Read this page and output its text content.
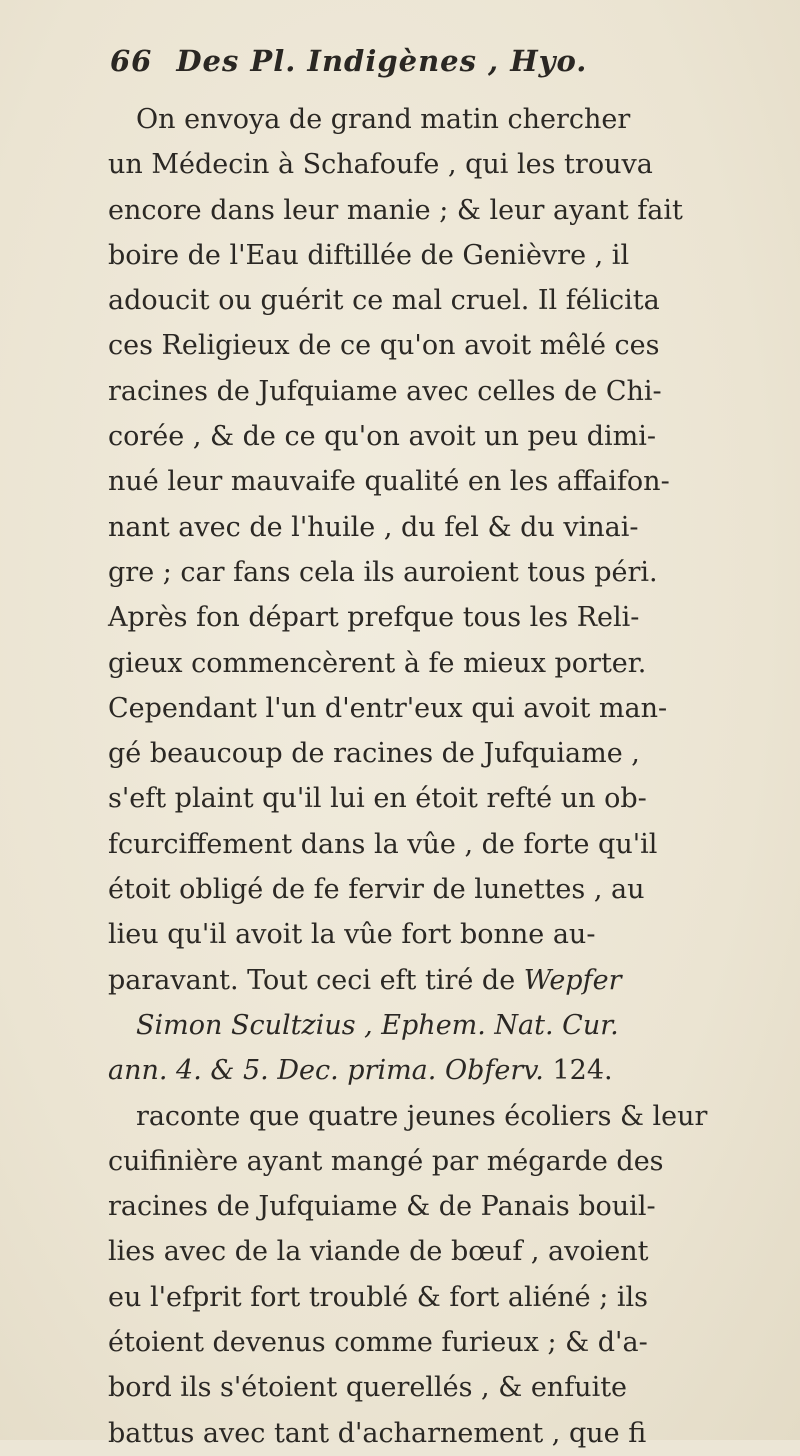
66 Des Pl. Indigènes , Hyo.
On envoya de grand matin chercher
un Médecin à Schafoufe , qui les trouva
encore dans leur manie ; & leur ayant fait
boire de l'Eau diftillée de Genièvre , il
adoucit ou guérit ce mal cruel. Il félicita
ces Religieux de ce qu'on avoit mêlé ces
racines de Jufquiame avec celles de Chi-
corée , & de ce qu'on avoit un peu dimi-
nué leur mauvaife qualité en les affaifon-
nant avec de l'huile , du fel & du vinai-
gre ; car fans cela ils auroient tous péri.
Après fon départ prefque tous les Reli-
gieux commencèrent à fe mieux porter.
Cependant l'un d'entr'eux qui avoit man-
gé beaucoup de racines de Jufquiame ,
s'eft plaint qu'il lui en étoit refté un ob-
fcurciffement dans la vûe , de forte qu'il
étoit obligé de fe fervir de lunettes , au
lieu qu'il avoit la vûe fort bonne au-
paravant. Tout ceci eft tiré de Wepfer
Simon Scultzius , Ephem. Nat. Cur.
ann. 4. & 5. Dec. prima. Obferv. 124.
raconte que quatre jeunes écoliers & leur
cuifinière ayant mangé par mégarde des
racines de Jufquiame & de Panais bouil-
lies avec de la viande de bœuf , avoient
eu l'efprit fort troublé & fort aliéné ; ils
étoient devenus comme furieux ; & d'a-
bord ils s'étoient querellés , & enfuite
battus avec tant d'acharnement , que fi
